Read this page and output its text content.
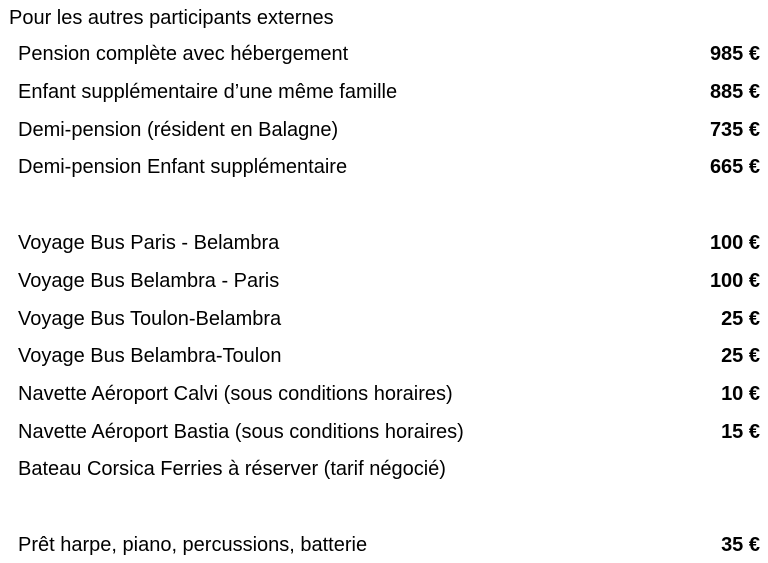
Pour les autres participants externes
Pension complète avec hébergement	985 €
Enfant supplémentaire d’une même famille	885 €
Demi-pension (résident en Balagne)	735 €
Demi-pension Enfant supplémentaire	665 €
Voyage Bus Paris - Belambra	100 €
Voyage Bus Belambra - Paris	100 €
Voyage Bus Toulon-Belambra	25 €
Voyage Bus Belambra-Toulon	25 €
Navette Aéroport Calvi (sous conditions horaires)	10 €
Navette Aéroport Bastia (sous conditions horaires)	15 €
Bateau Corsica Ferries à réserver (tarif négocié)
Prêt harpe, piano, percussions, batterie	35 €
